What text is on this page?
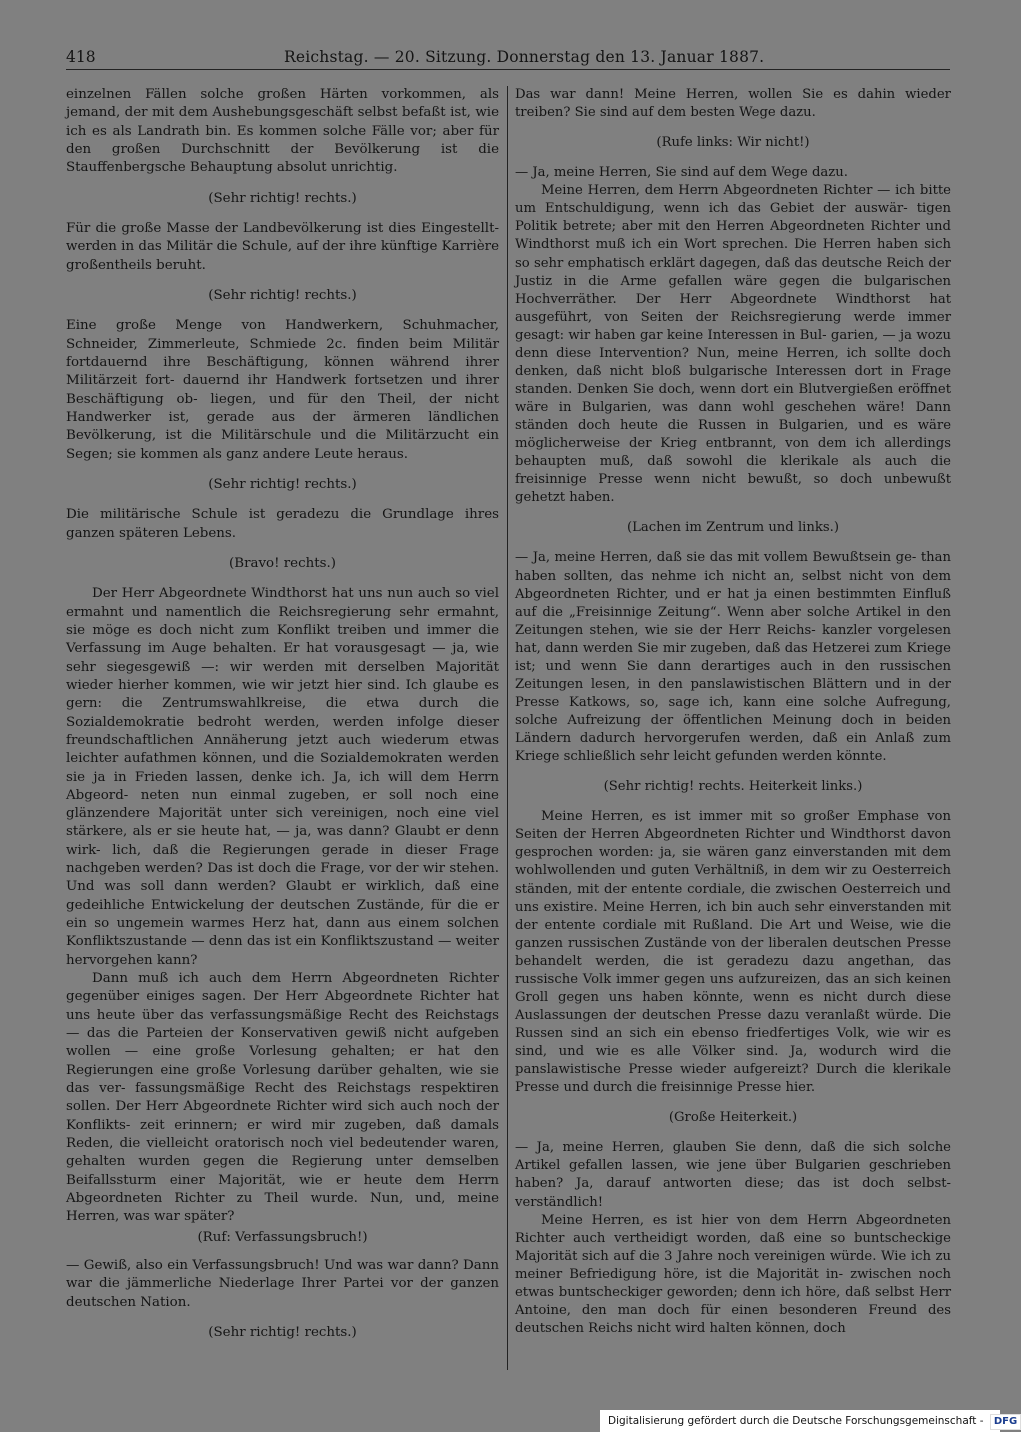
418	Reichstag. — 20. Sitzung. Donnerstag den 13. Januar 1887.

einzelnen Fällen solche großen Härten vorkommen, als jemand, der mit dem Aushebungsgeschäft selbst befaßt ist, wie ich es als Landrath bin. Es kommen solche Fälle vor; aber für den großen Durchschnitt der Bevölkerung ist die Stauffenbergsche Behauptung absolut unrichtig.

(Sehr richtig! rechts.)

Für die große Masse der Landbevölkerung ist dies Eingestellt- werden in das Militär die Schule, auf der ihre künftige Karrière großentheils beruht.

(Sehr richtig! rechts.)

Eine große Menge von Handwerkern, Schuhmacher, Schneider, Zimmerleute, Schmiede 2c. finden beim Militär fortdauernd ihre Beschäftigung, können während ihrer Militärzeit fort- dauernd ihr Handwerk fortsetzen und ihrer Beschäftigung ob- liegen, und für den Theil, der nicht Handwerker ist, gerade aus der ärmeren ländlichen Bevölkerung, ist die Militärschule und die Militärzucht ein Segen; sie kommen als ganz andere Leute heraus.

(Sehr richtig! rechts.)

Die militärische Schule ist geradezu die Grundlage ihres ganzen späteren Lebens.

(Bravo! rechts.)

Der Herr Abgeordnete Windthorst hat uns nun auch so viel ermahnt und namentlich die Reichsregierung sehr ermahnt, sie möge es doch nicht zum Konflikt treiben und immer die Verfassung im Auge behalten. Er hat vorausgesagt — ja, wie sehr siegesgewiß —: wir werden mit derselben Majorität wieder hierher kommen, wie wir jetzt hier sind. Ich glaube es gern: die Zentrumswahlkreise, die etwa durch die Sozialdemokratie bedroht werden, werden infolge dieser freundschaftlichen Annäherung jetzt auch wiederum etwas leichter aufathmen können, und die Sozialdemokraten werden sie ja in Frieden lassen, denke ich. Ja, ich will dem Herrn Abgeord- neten nun einmal zugeben, er soll noch eine glänzendere Majorität unter sich vereinigen, noch eine viel stärkere, als er sie heute hat, — ja, was dann? Glaubt er denn wirk- lich, daß die Regierungen gerade in dieser Frage nachgeben werden? Das ist doch die Frage, vor der wir stehen. Und was soll dann werden? Glaubt er wirklich, daß eine gedeihliche Entwickelung der deutschen Zustände, für die er ein so ungemein warmes Herz hat, dann aus einem solchen Konfliktszustande — denn das ist ein Konfliktszustand — weiter hervorgehen kann?

Dann muß ich auch dem Herrn Abgeordneten Richter gegenüber einiges sagen. Der Herr Abgeordnete Richter hat uns heute über das verfassungsmäßige Recht des Reichstags — das die Parteien der Konservativen gewiß nicht aufgeben wollen — eine große Vorlesung gehalten; er hat den Regierungen eine große Vorlesung darüber gehalten, wie sie das ver- fassungsmäßige Recht des Reichstags respektiren sollen. Der Herr Abgeordnete Richter wird sich auch noch der Konflikts- zeit erinnern; er wird mir zugeben, daß damals Reden, die vielleicht oratorisch noch viel bedeutender waren, gehalten wurden gegen die Regierung unter demselben Beifallssturm einer Majorität, wie er heute dem Herrn Abgeordneten Richter zu Theil wurde. Nun, und, meine Herren, was war später?

(Ruf: Verfassungsbruch!)

— Gewiß, also ein Verfassungsbruch! Und was war dann? Dann war die jämmerliche Niederlage Ihrer Partei vor der ganzen deutschen Nation.

(Sehr richtig! rechts.)

Das war dann! Meine Herren, wollen Sie es dahin wieder treiben? Sie sind auf dem besten Wege dazu.

(Rufe links: Wir nicht!)

— Ja, meine Herren, Sie sind auf dem Wege dazu.

Meine Herren, dem Herrn Abgeordneten Richter — ich bitte um Entschuldigung, wenn ich das Gebiet der auswär- tigen Politik betrete; aber mit den Herren Abgeordneten Richter und Windthorst muß ich ein Wort sprechen. Die Herren haben sich so sehr emphatisch erklärt dagegen, daß das deutsche Reich der Justiz in die Arme gefallen wäre gegen die bulgarischen Hochverräther. Der Herr Abgeordnete Windthorst hat ausgeführt, von Seiten der Reichsregierung werde immer gesagt: wir haben gar keine Interessen in Bul- garien, — ja wozu denn diese Intervention? Nun, meine Herren, ich sollte doch denken, daß nicht bloß bulgarische Interessen dort in Frage standen. Denken Sie doch, wenn dort ein Blutvergießen eröffnet wäre in Bulgarien, was dann wohl geschehen wäre! Dann ständen doch heute die Russen in Bulgarien, und es wäre möglicherweise der Krieg entbrannt, von dem ich allerdings behaupten muß, daß sowohl die klerikale als auch die freisinnige Presse wenn nicht bewußt, so doch unbewußt gehetzt haben.

(Lachen im Zentrum und links.)

— Ja, meine Herren, daß sie das mit vollem Bewußtsein ge- than haben sollten, das nehme ich nicht an, selbst nicht von dem Abgeordneten Richter, und er hat ja einen bestimmten Einfluß auf die „Freisinnige Zeitung“. Wenn aber solche Artikel in den Zeitungen stehen, wie sie der Herr Reichs- kanzler vorgelesen hat, dann werden Sie mir zugeben, daß das Hetzerei zum Kriege ist; und wenn Sie dann derartiges auch in den russischen Zeitungen lesen, in den panslawistischen Blättern und in der Presse Katkows, so, sage ich, kann eine solche Aufregung, solche Aufreizung der öffentlichen Meinung doch in beiden Ländern dadurch hervorgerufen werden, daß ein Anlaß zum Kriege schließlich sehr leicht gefunden werden könnte.

(Sehr richtig! rechts. Heiterkeit links.)

Meine Herren, es ist immer mit so großer Emphase von Seiten der Herren Abgeordneten Richter und Windthorst davon gesprochen worden: ja, sie wären ganz einverstanden mit dem wohlwollenden und guten Verhältniß, in dem wir zu Oesterreich ständen, mit der entente cordiale, die zwischen Oesterreich und uns existire. Meine Herren, ich bin auch sehr einverstanden mit der entente cordiale mit Rußland. Die Art und Weise, wie die ganzen russischen Zustände von der liberalen deutschen Presse behandelt werden, die ist geradezu dazu angethan, das russische Volk immer gegen uns aufzureizen, das an sich keinen Groll gegen uns haben könnte, wenn es nicht durch diese Auslassungen der deutschen Presse dazu veranlaßt würde. Die Russen sind an sich ein ebenso friedfertiges Volk, wie wir es sind, und wie es alle Völker sind. Ja, wodurch wird die panslawistische Presse wieder aufgereizt? Durch die klerikale Presse und durch die freisinnige Presse hier.

(Große Heiterkeit.)

— Ja, meine Herren, glauben Sie denn, daß die sich solche Artikel gefallen lassen, wie jene über Bulgarien geschrieben haben? Ja, darauf antworten diese; das ist doch selbst- verständlich!

Meine Herren, es ist hier von dem Herrn Abgeordneten Richter auch vertheidigt worden, daß eine so buntscheckige Majorität sich auf die 3 Jahre noch vereinigen würde. Wie ich zu meiner Befriedigung höre, ist die Majorität in- zwischen noch etwas buntscheckiger geworden; denn ich höre, daß selbst Herr Antoine, den man doch für einen besonderen Freund des deutschen Reichs nicht wird halten können, doch

Digitalisierung gefördert durch die Deutsche Forschungsgemeinschaft - DFG
